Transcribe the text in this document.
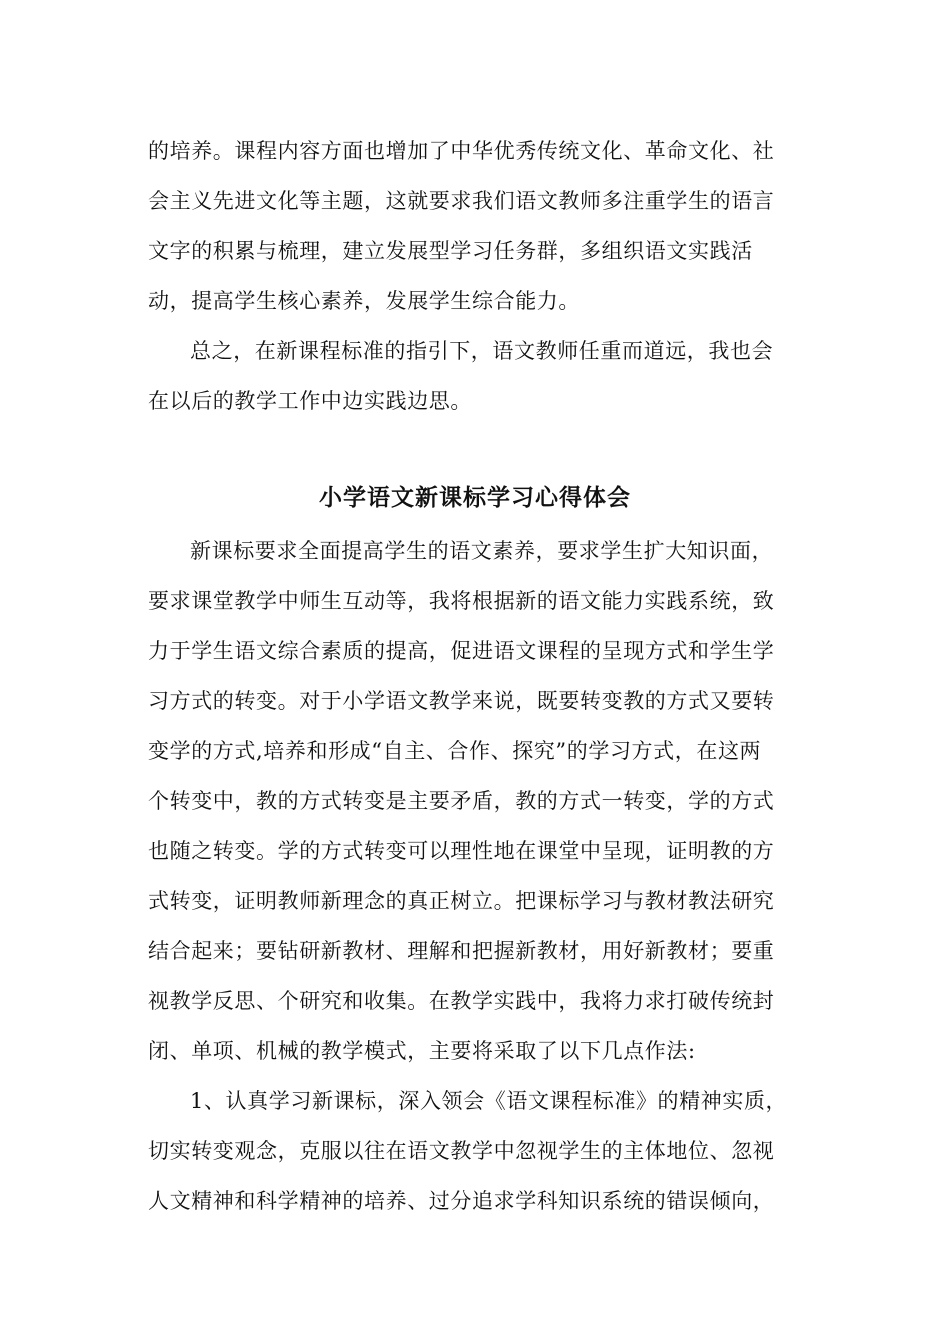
的培养。课程内容方面也增加了中华优秀传统文化、革命文化、社
会主义先进文化等主题，这就要求我们语文教师多注重学生的语言
文字的积累与梳理，建立发展型学习任务群，多组织语文实践活
动，提高学生核心素养，发展学生综合能力。
总之，在新课程标准的指引下，语文教师任重而道远，我也会
在以后的教学工作中边实践边思。
小学语文新课标学习心得体会
新课标要求全面提高学生的语文素养，要求学生扩大知识面，
要求课堂教学中师生互动等，我将根据新的语文能力实践系统，致
力于学生语文综合素质的提高，促进语文课程的呈现方式和学生学
习方式的转变。对于小学语文教学来说，既要转变教的方式又要转
变学的方式,培养和形成“自主、合作、探究”的学习方式，在这两
个转变中，教的方式转变是主要矛盾，教的方式一转变，学的方式
也随之转变。学的方式转变可以理性地在课堂中呈现，证明教的方
式转变，证明教师新理念的真正树立。把课标学习与教材教法研究
结合起来；要钻研新教材、理解和把握新教材，用好新教材；要重
视教学反思、个研究和收集。在教学实践中，我将力求打破传统封
闭、单项、机械的教学模式，主要将采取了以下几点作法:
1、认真学习新课标，深入领会《语文课程标准》的精神实质，
切实转变观念，克服以往在语文教学中忽视学生的主体地位、忽视
人文精神和科学精神的培养、过分追求学科知识系统的错误倾向，
